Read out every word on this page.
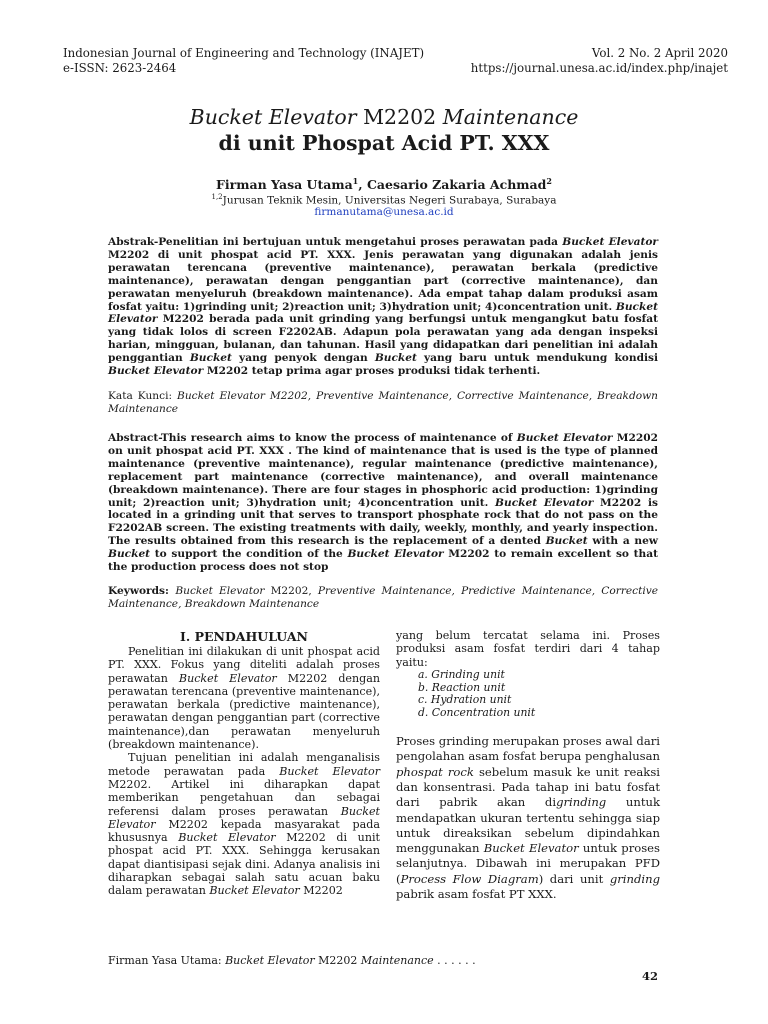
Indonesian Journal of Engineering and Technology (INAJET)
e-ISSN: 2623-2464
Vol. 2 No. 2 April 2020
https://journal.unesa.ac.id/index.php/inajet
Bucket Elevator M2202 Maintenance
di unit Phospat Acid PT. XXX
Firman Yasa Utama$^1$, Caesario Zakaria Achmad$^2$
$^{1,2}$Jurusan Teknik Mesin, Universitas Negeri Surabaya, Surabaya
firmanutama@unesa.ac.id
Abstrak-Penelitian ini bertujuan untuk mengetahui proses perawatan pada Bucket Elevator M2202 di unit phospat acid PT. XXX. Jenis perawatan yang digunakan adalah jenis perawatan terencana (preventive maintenance), perawatan berkala (predictive maintenance), perawatan dengan penggantian part (corrective maintenance), dan perawatan menyeluruh (breakdown maintenance). Ada empat tahap dalam produksi asam fosfat yaitu: 1)grinding unit; 2)reaction unit; 3)hydration unit; 4)concentration unit. Bucket Elevator M2202 berada pada unit grinding yang berfungsi untuk mengangkut batu fosfat yang tidak lolos di screen F2202AB. Adapun pola perawatan yang ada dengan inspeksi harian, mingguan, bulanan, dan tahunan. Hasil yang didapatkan dari penelitian ini adalah penggantian Bucket yang penyok dengan Bucket yang baru untuk mendukung kondisi Bucket Elevator M2202 tetap prima agar proses produksi tidak terhenti.
Kata Kunci: Bucket Elevator M2202, Preventive Maintenance, Corrective Maintenance, Breakdown Maintenance
Abstract-This research aims to know the process of maintenance of Bucket Elevator M2202 on unit phospat acid PT. XXX . The kind of maintenance that is used is the type of planned maintenance (preventive maintenance), regular maintenance (predictive maintenance), replacement part maintenance (corrective maintenance), and overall maintenance (breakdown maintenance). There are four stages in phosphoric acid production: 1)grinding unit; 2)reaction unit; 3)hydration unit; 4)concentration unit. Bucket Elevator M2202 is located in a grinding unit that serves to transport phosphate rock that do not pass on the F2202AB screen. The existing treatments with daily, weekly, monthly, and yearly inspection. The results obtained from this research is the replacement of a dented Bucket with a new Bucket to support the condition of the Bucket Elevator M2202 to remain excellent so that the production process does not stop
Keywords: Bucket Elevator M2202, Preventive Maintenance, Predictive Maintenance, Corrective Maintenance, Breakdown Maintenance
I. PENDAHULUAN

Penelitian ini dilakukan di unit phospat acid PT. XXX. Fokus yang diteliti adalah proses perawatan Bucket Elevator M2202 dengan perawatan terencana (preventive maintenance), perawatan berkala (predictive maintenance), perawatan dengan penggantian part (corrective maintenance),dan perawatan menyeluruh (breakdown maintenance).

Tujuan penelitian ini adalah menganalisis metode perawatan pada Bucket Elevator M2202. Artikel ini diharapkan dapat memberikan pengetahuan dan sebagai referensi dalam proses perawatan Bucket Elevator M2202 kepada masyarakat pada khususnya Bucket Elevator M2202 di unit phospat acid PT. XXX. Sehingga kerusakan dapat diantisipasi sejak dini. Adanya analisis ini diharapkan sebagai salah satu acuan baku dalam perawatan Bucket Elevator M2202

yang belum tercatat selama ini. Proses produksi asam fosfat terdiri dari 4 tahap yaitu:
a. Grinding unit
b. Reaction unit
c. Hydration unit
d. Concentration unit
Proses grinding merupakan proses awal dari pengolahan asam fosfat berupa penghalusan phospat rock sebelum masuk ke unit reaksi dan konsentrasi. Pada tahap ini batu fosfat dari pabrik akan digrinding untuk mendapatkan ukuran tertentu sehingga siap untuk direaksikan sebelum dipindahkan menggunakan Bucket Elevator untuk proses selanjutnya. Dibawah ini merupakan PFD (Process Flow Diagram) dari unit grinding pabrik asam fosfat PT XXX.
Firman Yasa Utama: Bucket Elevator M2202 Maintenance . . . . . .
42
